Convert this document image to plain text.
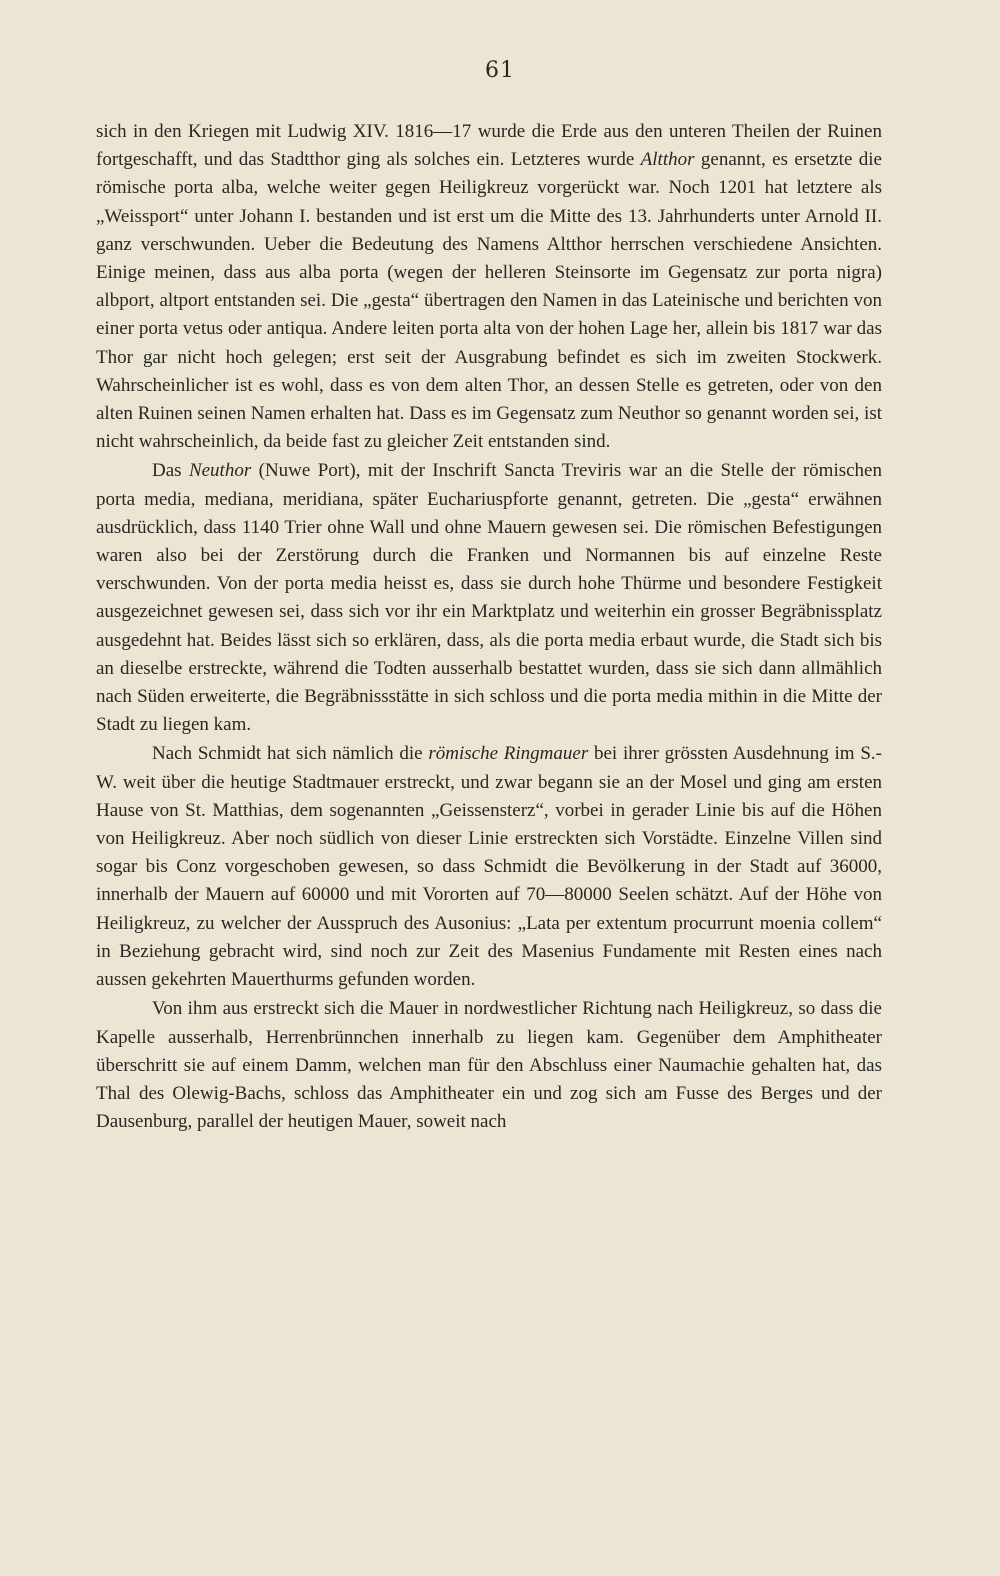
61

sich in den Kriegen mit Ludwig XIV. 1816—17 wurde die Erde aus den unteren Theilen der Ruinen fortgeschafft, und das Stadtthor ging als solches ein. Letzteres wurde Altthor genannt, es ersetzte die römische porta alba, welche weiter gegen Heiligkreuz vorgerückt war. Noch 1201 hat letztere als „Weissport“ unter Johann I. bestanden und ist erst um die Mitte des 13. Jahrhunderts unter Arnold II. ganz verschwunden. Ueber die Bedeutung des Namens Altthor herrschen verschiedene Ansichten. Einige meinen, dass aus alba porta (wegen der helleren Steinsorte im Gegensatz zur porta nigra) albport, altport entstanden sei. Die „gesta“ übertragen den Namen in das Lateinische und berichten von einer porta vetus oder antiqua. Andere leiten porta alta von der hohen Lage her, allein bis 1817 war das Thor gar nicht hoch gelegen; erst seit der Ausgrabung befindet es sich im zweiten Stockwerk. Wahrscheinlicher ist es wohl, dass es von dem alten Thor, an dessen Stelle es getreten, oder von den alten Ruinen seinen Namen erhalten hat. Dass es im Gegensatz zum Neuthor so genannt worden sei, ist nicht wahrscheinlich, da beide fast zu gleicher Zeit entstanden sind.

Das Neuthor (Nuwe Port), mit der Inschrift Sancta Treviris war an die Stelle der römischen porta media, mediana, meridiana, später Euchariuspforte genannt, getreten. Die „gesta“ erwähnen ausdrücklich, dass 1140 Trier ohne Wall und ohne Mauern gewesen sei. Die römischen Befestigungen waren also bei der Zerstörung durch die Franken und Normannen bis auf einzelne Reste verschwunden. Von der porta media heisst es, dass sie durch hohe Thürme und besondere Festigkeit ausgezeichnet gewesen sei, dass sich vor ihr ein Marktplatz und weiterhin ein grosser Begräbnissplatz ausgedehnt hat. Beides lässt sich so erklären, dass, als die porta media erbaut wurde, die Stadt sich bis an dieselbe erstreckte, während die Todten ausserhalb bestattet wurden, dass sie sich dann allmählich nach Süden erweiterte, die Begräbnissstätte in sich schloss und die porta media mithin in die Mitte der Stadt zu liegen kam.

Nach Schmidt hat sich nämlich die römische Ringmauer bei ihrer grössten Ausdehnung im S.-W. weit über die heutige Stadtmauer erstreckt, und zwar begann sie an der Mosel und ging am ersten Hause von St. Matthias, dem sogenannten „Geissensterz“, vorbei in gerader Linie bis auf die Höhen von Heiligkreuz. Aber noch südlich von dieser Linie erstreckten sich Vorstädte. Einzelne Villen sind sogar bis Conz vorgeschoben gewesen, so dass Schmidt die Bevölkerung in der Stadt auf 36000, innerhalb der Mauern auf 60000 und mit Vororten auf 70—80000 Seelen schätzt. Auf der Höhe von Heiligkreuz, zu welcher der Ausspruch des Ausonius: „Lata per extentum procurrunt moenia collem“ in Beziehung gebracht wird, sind noch zur Zeit des Masenius Fundamente mit Resten eines nach aussen gekehrten Mauerthurms gefunden worden.

Von ihm aus erstreckt sich die Mauer in nordwestlicher Richtung nach Heiligkreuz, so dass die Kapelle ausserhalb, Herrenbrünnchen innerhalb zu liegen kam. Gegenüber dem Amphitheater überschritt sie auf einem Damm, welchen man für den Abschluss einer Naumachie gehalten hat, das Thal des Olewig-Bachs, schloss das Amphitheater ein und zog sich am Fusse des Berges und der Dausenburg, parallel der heutigen Mauer, soweit nach
